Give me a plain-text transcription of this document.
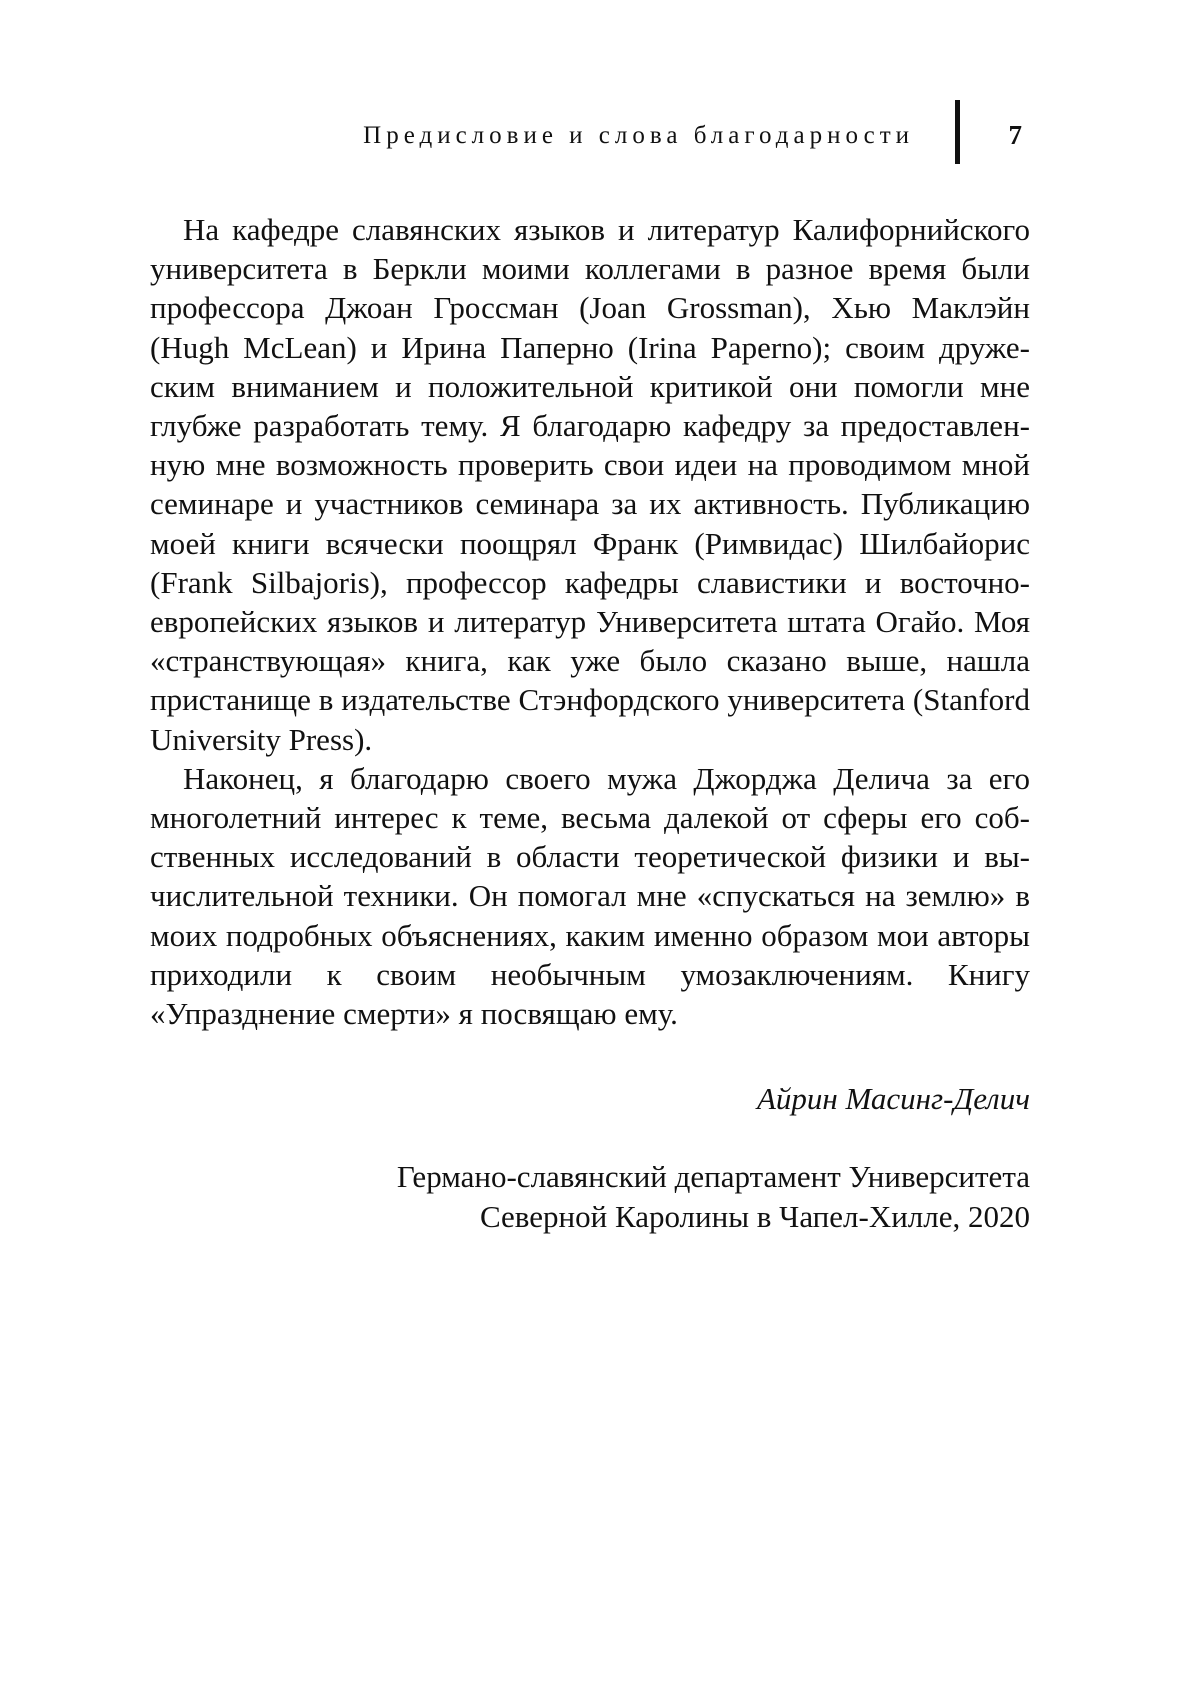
Предисловие и слова благодарности	7

На кафедре славянских языков и литератур Калифорнийского университета в Беркли моими коллегами в разное время были профессора Джоан Гроссман (Joan Grossman), Хью Маклэйн (Hugh McLean) и Ирина Паперно (Irina Paperno); своим дружеским вниманием и положительной критикой они помогли мне глубже разработать тему. Я благодарю кафедру за предоставленную мне возможность проверить свои идеи на проводимом мной семинаре и участников семинара за их активность. Публикацию моей книги всячески поощрял Франк (Римвидас) Шилбайорис (Frank Silbajoris), профессор кафедры славистики и восточноевропейских языков и литератур Университета штата Огайо. Моя «странствующая» книга, как уже было сказано выше, нашла пристанище в издательстве Стэнфордского университета (Stanford University Press).

Наконец, я благодарю своего мужа Джорджа Делича за его многолетний интерес к теме, весьма далекой от сферы его собственных исследований в области теоретической физики и вычислительной техники. Он помогал мне «спускаться на землю» в моих подробных объяснениях, каким именно образом мои авторы приходили к своим необычным умозаключениям. Книгу «Упразднение смерти» я посвящаю ему.

Айрин Масинг-Делич

Германо-славянский департамент Университета
Северной Каролины в Чапел-Хилле, 2020
